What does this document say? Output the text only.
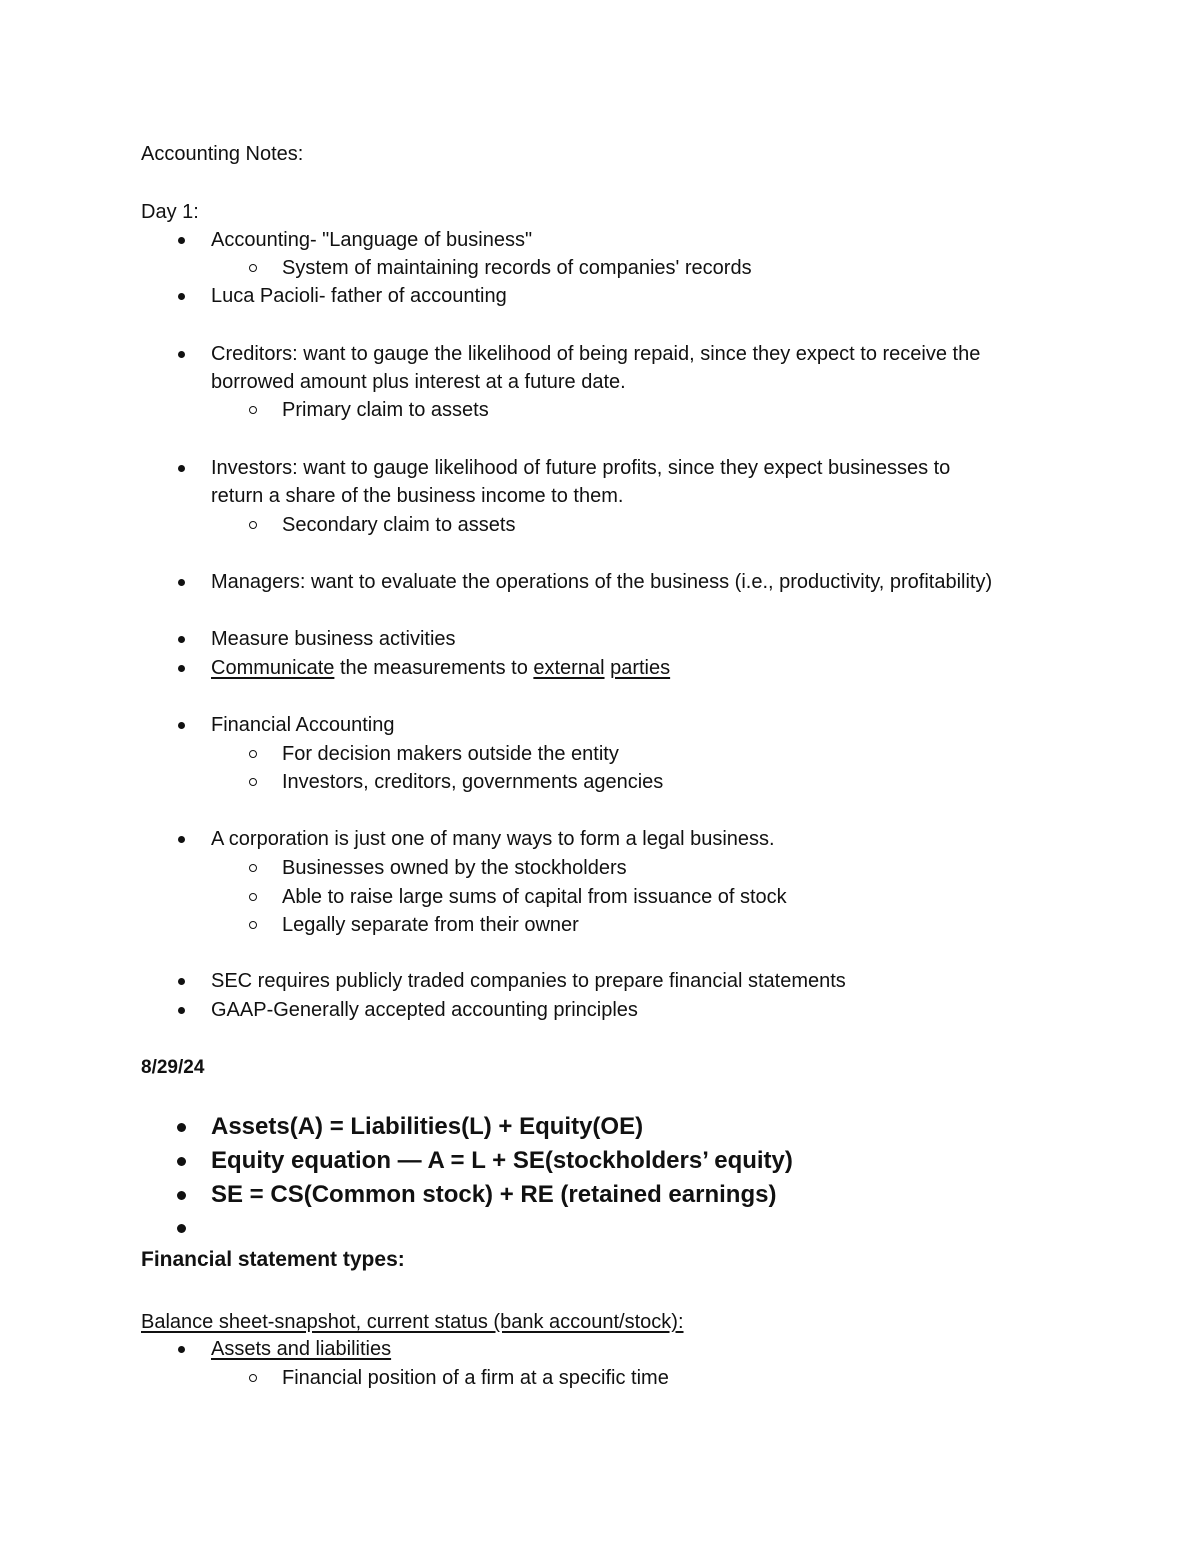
Accounting Notes:
Day 1:
Accounting- "Language of business"
System of maintaining records of companies' records
Luca Pacioli- father of accounting
Creditors: want to gauge the likelihood of being repaid, since they expect to receive the
borrowed amount plus interest at a future date.
Primary claim to assets
Investors: want to gauge likelihood of future profits, since they expect businesses to
return a share of the business income to them.
Secondary claim to assets
Managers: want to evaluate the operations of the business (i.e., productivity, profitability)
Measure business activities
Communicate the measurements to external parties
Financial Accounting
For decision makers outside the entity
Investors, creditors, governments agencies
A corporation is just one of many ways to form a legal business.
Businesses owned by the stockholders
Able to raise large sums of capital from issuance of stock
Legally separate from their owner
SEC requires publicly traded companies to prepare financial statements
GAAP-Generally accepted accounting principles
8/29/24
Assets(A) = Liabilities(L) + Equity(OE)
Equity equation — A = L + SE(stockholders’ equity)
SE = CS(Common stock) + RE (retained earnings)
Financial statement types:
Balance sheet-snapshot, current status (bank account/stock):
Assets and liabilities
Financial position of a firm at a specific time
